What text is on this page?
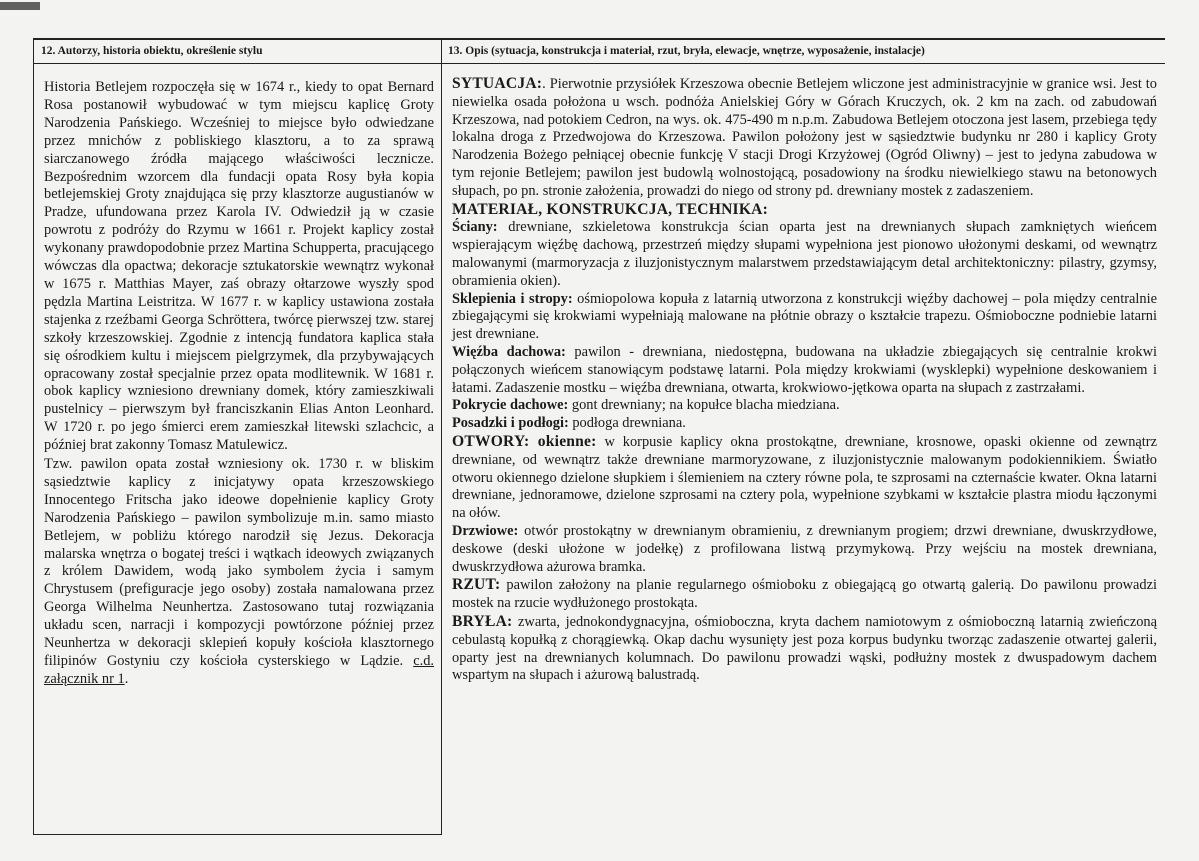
12. Autorzy, historia obiektu, określenie stylu

Historia Betlejem rozpoczęła się w 1674 r., kiedy to opat Bernard Rosa postanowił wybudować w tym miejscu kaplicę Groty Narodzenia Pańskiego. Wcześniej to miejsce było odwiedzane przez mnichów z pobliskiego klasztoru, a to za sprawą siarczanowego źródła mającego właściwości lecznicze. Bezpośrednim wzorcem dla fundacji opata Rosy była kopia betlejemskiej Groty znajdująca się przy klasztorze augustianów w Pradze, ufundowana przez Karola IV. Odwiedził ją w czasie powrotu z podróży do Rzymu w 1661 r. Projekt kaplicy został wykonany prawdopodobnie przez Martina Schupperta, pracującego wówczas dla opactwa; dekoracje sztukatorskie wewnątrz wykonał w 1675 r. Matthias Mayer, zaś obrazy ołtarzowe wyszły spod pędzla Martina Leistritza. W 1677 r. w kaplicy ustawiona została stajenka z rzeźbami Georga Schröttera, twórcę pierwszej tzw. starej szkoły krzeszowskiej. Zgodnie z intencją fundatora kaplica stała się ośrodkiem kultu i miejscem pielgrzymek, dla przybywających opracowany został specjalnie przez opata modlitewnik. W 1681 r. obok kaplicy wzniesiono drewniany domek, który zamieszkiwali pustelnicy – pierwszym był franciszkanin Elias Anton Leonhard. W 1720 r. po jego śmierci erem zamieszkał litewski szlachcic, a później brat zakonny Tomasz Matulewicz.

Tzw. pawilon opata został wzniesiony ok. 1730 r. w bliskim sąsiedztwie kaplicy z inicjatywy opata krzeszowskiego Innocentego Fritscha jako ideowe dopełnienie kaplicy Groty Narodzenia Pańskiego – pawilon symbolizuje m.in. samo miasto Betlejem, w pobliżu którego narodził się Jezus. Dekoracja malarska wnętrza o bogatej treści i wątkach ideowych związanych z królem Dawidem, wodą jako symbolem życia i samym Chrystusem (prefiguracje jego osoby) została namalowana przez Georga Wilhelma Neunhertza. Zastosowano tutaj rozwiązania układu scen, narracji i kompozycji powtórzone później przez Neunhertza w dekoracji sklepień kopuły kościoła klasztornego filipinów Gostyniu czy kościoła cysterskiego w Lądzie. c.d. załącznik nr 1.

13. Opis (sytuacja, konstrukcja i materiał, rzut, bryła, elewacje, wnętrze, wyposażenie, instalacje)

SYTUACJA:. Pierwotnie przysiółek Krzeszowa obecnie Betlejem wliczone jest administracyjnie w granice wsi. Jest to niewielka osada położona u wsch. podnóża Anielskiej Góry w Górach Kruczych, ok. 2 km na zach. od zabudowań Krzeszowa, nad potokiem Cedron, na wys. ok. 475-490 m n.p.m. Zabudowa Betlejem otoczona jest lasem, przebiega tędy lokalna droga z Przedwojowa do Krzeszowa. Pawilon położony jest w sąsiedztwie budynku nr 280 i kaplicy Groty Narodzenia Bożego pełniącej obecnie funkcję V stacji Drogi Krzyżowej (Ogród Oliwny) – jest to jedyna zabudowa w tym rejonie Betlejem; pawilon jest budowlą wolnostojącą, posadowiony na środku niewielkiego stawu na betonowych słupach, po pn. stronie założenia, prowadzi do niego od strony pd. drewniany mostek z zadaszeniem.

MATERIAŁ, KONSTRUKCJA, TECHNIKA:

Ściany: drewniane, szkieletowa konstrukcja ścian oparta jest na drewnianych słupach zamkniętych wieńcem wspierającym więźbę dachową, przestrzeń między słupami wypełniona jest pionowo ułożonymi deskami, od wewnątrz malowanymi (marmoryzacja z iluzjonistycznym malarstwem przedstawiającym detal architektoniczny: pilastry, gzymsy, obramienia okien).

Sklepienia i stropy: ośmiopolowa kopuła z latarnią utworzona z konstrukcji więźby dachowej – pola między centralnie zbiegającymi się krokwiami wypełniają malowane na płótnie obrazy o kształcie trapezu. Ośmioboczne podniebie latarni jest drewniane.

Więźba dachowa: pawilon - drewniana, niedostępna, budowana na układzie zbiegających się centralnie krokwi połączonych wieńcem stanowiącym podstawę latarni. Pola między krokwiami (wysklepki) wypełnione deskowaniem i łatami. Zadaszenie mostku – więźba drewniana, otwarta, krokwiowo-jętkowa oparta na słupach z zastrzałami.

Pokrycie dachowe: gont drewniany; na kopułce blacha miedziana.

Posadzki i podłogi: podłoga drewniana.

OTWORY: okienne: w korpusie kaplicy okna prostokątne, drewniane, krosnowe, opaski okienne od zewnątrz drewniane, od wewnątrz także drewniane marmoryzowane, z iluzjonistycznie malowanym podokiennikiem. Światło otworu okiennego dzielone słupkiem i ślemieniem na cztery równe pola, te szprosami na czternaście kwater. Okna latarni drewniane, jednoramowe, dzielone szprosami na cztery pola, wypełnione szybkami w kształcie plastra miodu łączonymi na ołów.

Drzwiowe: otwór prostokątny w drewnianym obramieniu, z drewnianym progiem; drzwi drewniane, dwuskrzydłowe, deskowe (deski ułożone w jodełkę) z profilowana listwą przymykową. Przy wejściu na mostek drewniana, dwuskrzydłowa ażurowa bramka.

RZUT: pawilon założony na planie regularnego ośmioboku z obiegającą go otwartą galerią. Do pawilonu prowadzi mostek na rzucie wydłużonego prostokąta.

BRYŁA: zwarta, jednokondygnacyjna, ośmioboczna, kryta dachem namiotowym z ośmioboczną latarnią zwieńczoną cebulastą kopułką z chorągiewką. Okap dachu wysunięty jest poza korpus budynku tworząc zadaszenie otwartej galerii, oparty jest na drewnianych kolumnach. Do pawilonu prowadzi wąski, podłużny mostek z dwuspadowym dachem wspartym na słupach i ażurową balustradą.
